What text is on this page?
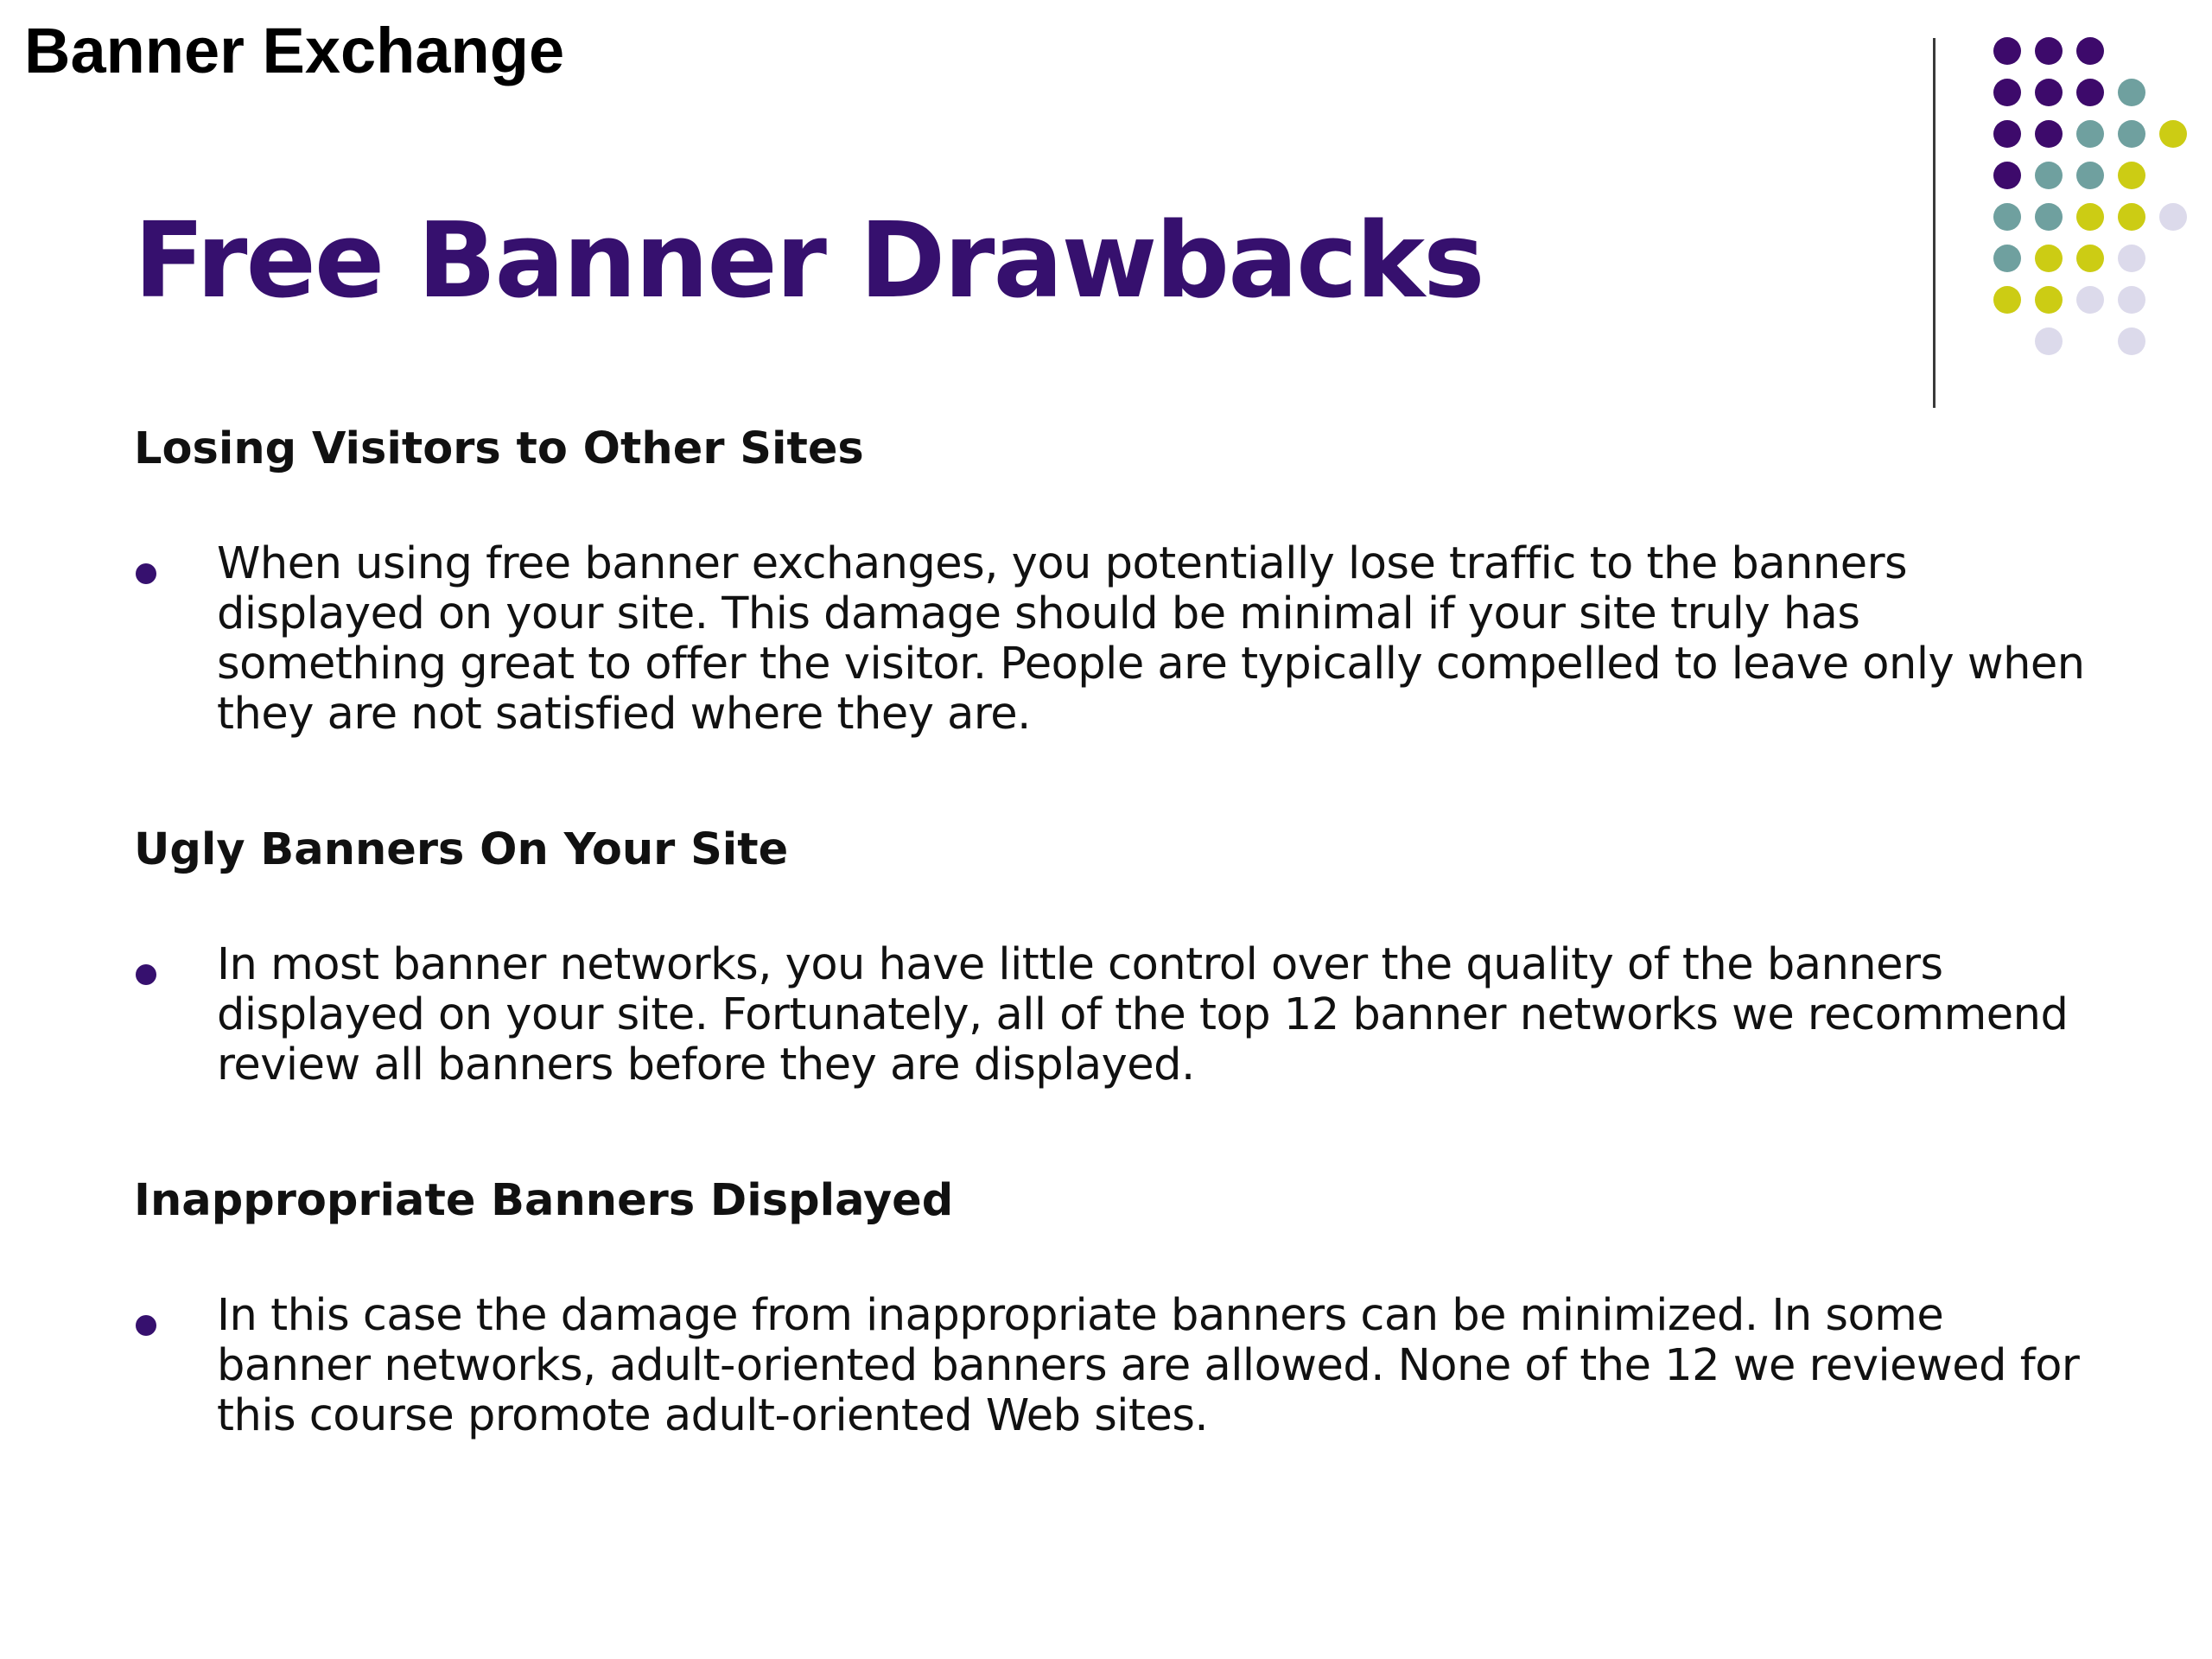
Banner Exchange
Free Banner Drawbacks
Losing Visitors to Other Sites
When using free banner exchanges, you potentially lose traffic to the banners displayed on your site. This damage should be minimal if your site truly has something great to offer the visitor. People are typically compelled to leave only when they are not satisfied where they are.
Ugly Banners On Your Site
In most banner networks, you have little control over the quality of the banners displayed on your site. Fortunately, all of the top 12 banner networks we recommend review all banners before they are displayed.
Inappropriate Banners Displayed
In this case the damage from inappropriate banners can be minimized. In some banner networks, adult-oriented banners are allowed. None of the 12 we reviewed for this course promote adult-oriented Web sites.
